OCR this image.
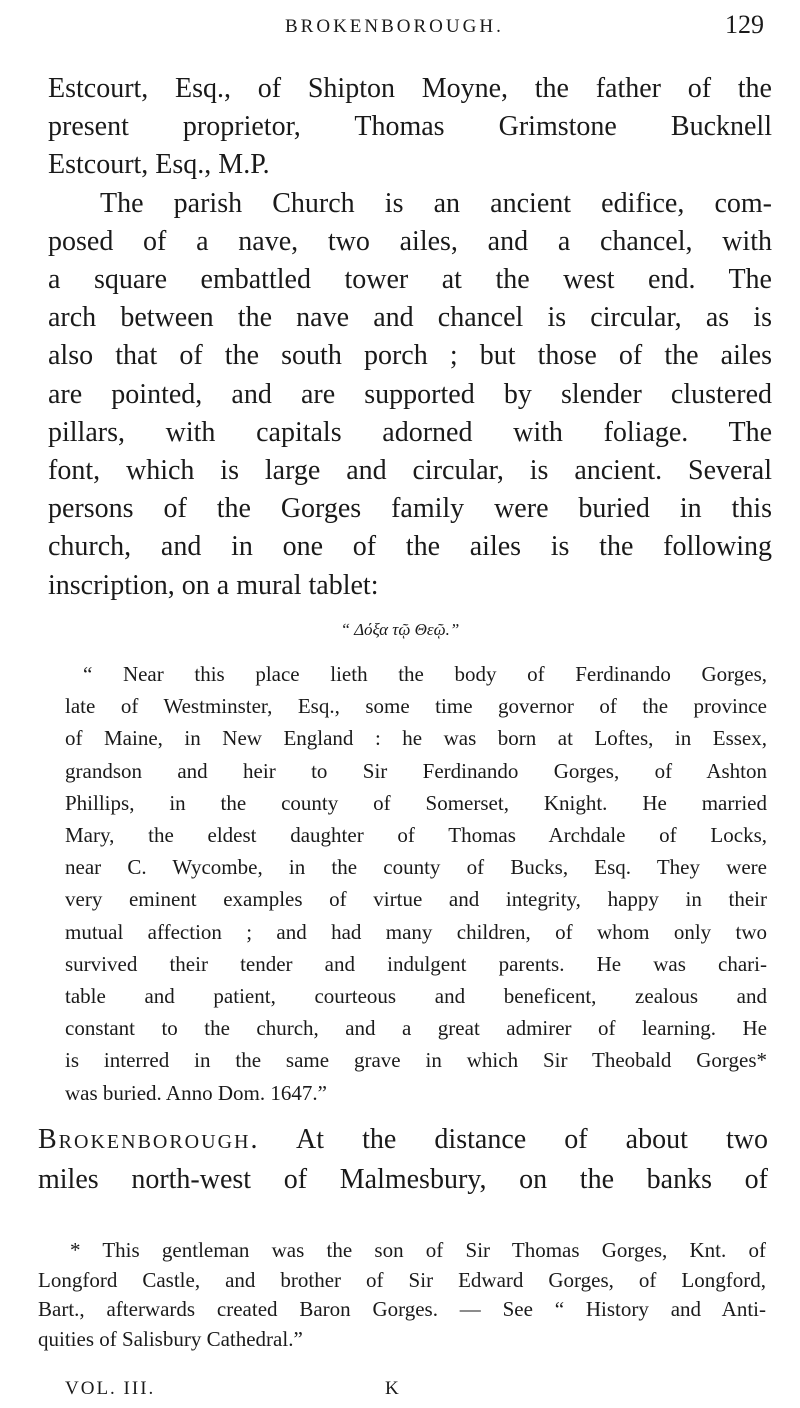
BROKENBOROUGH.	129
Estcourt, Esq., of Shipton Moyne, the father of the
present proprietor, Thomas Grimstone Bucknell
Estcourt, Esq., M.P.
The parish Church is an ancient edifice, com-
posed of a nave, two ailes, and a chancel, with
a square embattled tower at the west end. The
arch between the nave and chancel is circular, as is
also that of the south porch ; but those of the ailes
are pointed, and are supported by slender clustered
pillars, with capitals adorned with foliage. The
font, which is large and circular, is ancient. Several
persons of the Gorges family were buried in this
church, and in one of the ailes is the following
inscription, on a mural tablet:
“ Δόξα τῷ Θεῷ.”
“ Near this place lieth the body of Ferdinando Gorges,
late of Westminster, Esq., some time governor of the province
of Maine, in New England : he was born at Loftes, in Essex,
grandson and heir to Sir Ferdinando Gorges, of Ashton
Phillips, in the county of Somerset, Knight. He married
Mary, the eldest daughter of Thomas Archdale of Locks,
near C. Wycombe, in the county of Bucks, Esq. They were
very eminent examples of virtue and integrity, happy in their
mutual affection ; and had many children, of whom only two
survived their tender and indulgent parents. He was chari-
table and patient, courteous and beneficent, zealous and
constant to the church, and a great admirer of learning. He
is interred in the same grave in which Sir Theobald Gorges*
was buried. Anno Dom. 1647.”
Brokenborough. At the distance of about two
miles north-west of Malmesbury, on the banks of
* This gentleman was the son of Sir Thomas Gorges, Knt. of
Longford Castle, and brother of Sir Edward Gorges, of Longford,
Bart., afterwards created Baron Gorges. — See “ History and Anti-
quities of Salisbury Cathedral.”
VOL. III.	K
